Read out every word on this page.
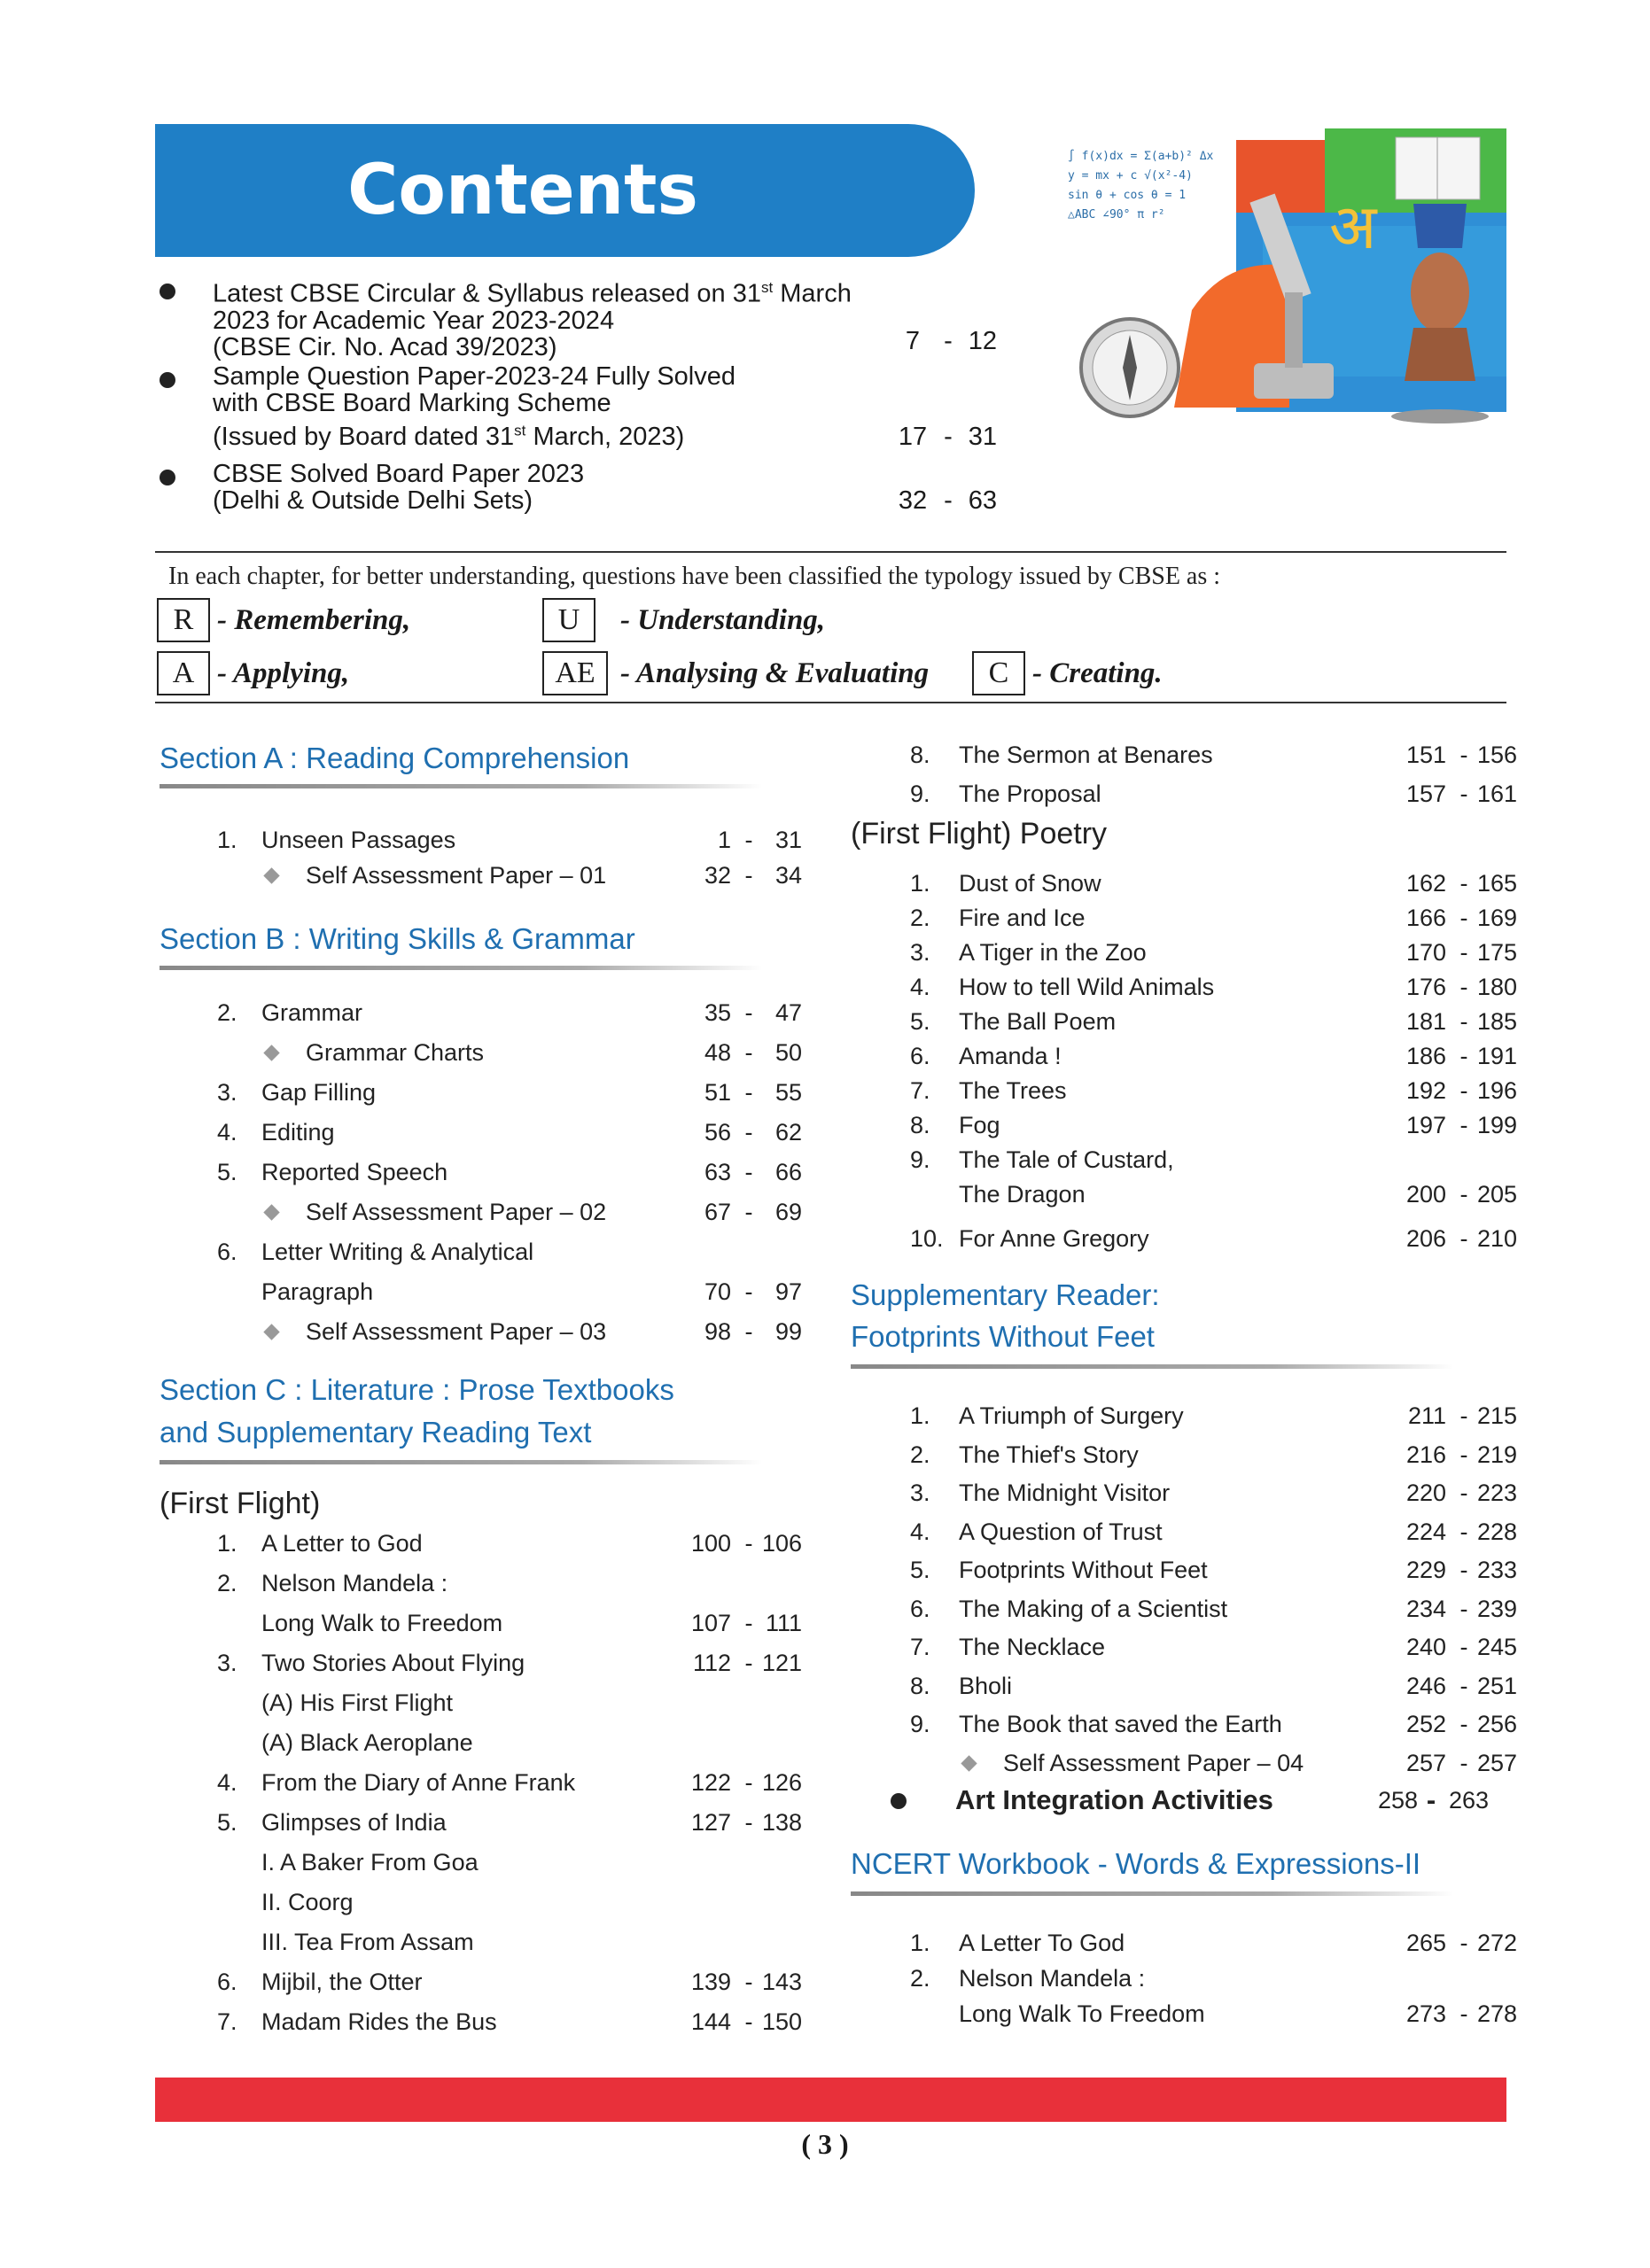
Contents	∫ f(x)dx = Σ(a+b)² Δx
y = mx + c √(x²-4)
sin θ + cos θ = 1
△ABC ∠90° π r²	अ
Latest CBSE Circular & Syllabus released on 31st March
2023 for Academic Year 2023-2024
(CBSE Cir. No. Acad 39/2023)	7 - 12
Sample Question Paper-2023-24 Fully Solved
with CBSE Board Marking Scheme
(Issued by Board dated 31st March, 2023)	17 - 31
CBSE Solved Board Paper 2023
(Delhi & Outside Delhi Sets)	32 - 63
In each chapter, for better understanding, questions have been classified the typology issued by CBSE as :
R - Remembering,	U	- Understanding,
A - Applying,	AE - Analysing & Evaluating	C - Creating.
Section A : Reading Comprehension
1.	Unseen Passages	1 - 31
Self Assessment Paper – 01	32 - 34
Section B : Writing Skills & Grammar
2.	Grammar	35 - 47
Grammar Charts	48 - 50
3.	Gap Filling	51 - 55
4.	Editing	56 - 62
5.	Reported Speech	63 - 66
Self Assessment Paper – 02	67 - 69
6.	Letter Writing & Analytical
Paragraph	70 - 97
Self Assessment Paper – 03	98 - 99
Section C : Literature : Prose Textbooks
and Supplementary Reading Text
(First Flight)
1.	A Letter to God	100 - 106
2.	Nelson Mandela :
Long Walk to Freedom	107 - 111
3.	Two Stories About Flying	112 - 121
(A) His First Flight
(A) Black Aeroplane
4.	From the Diary of Anne Frank	122 - 126
5.	Glimpses of India	127 - 138
I. A Baker From Goa
II. Coorg
III. Tea From Assam
6.	Mijbil, the Otter	139 - 143
7.	Madam Rides the Bus	144 - 150
8.	The Sermon at Benares	151 - 156
9.	The Proposal	157 - 161
(First Flight) Poetry
1.	Dust of Snow	162 - 165
2.	Fire and Ice	166 - 169
3.	A Tiger in the Zoo	170 - 175
4.	How to tell Wild Animals	176 - 180
5.	The Ball Poem	181 - 185
6.	Amanda !	186 - 191
7.	The Trees	192 - 196
8.	Fog	197 - 199
9.	The Tale of Custard,
The Dragon	200 - 205
10. For Anne Gregory	206 - 210
Supplementary Reader:
Footprints Without Feet
1.	A Triumph of Surgery	211 - 215
2.	The Thief's Story	216 - 219
3.	The Midnight Visitor	220 - 223
4.	A Question of Trust	224 - 228
5.	Footprints Without Feet	229 - 233
6.	The Making of a Scientist	234 - 239
7.	The Necklace	240 - 245
8.	Bholi	246 - 251
9.	The Book that saved the Earth	252 - 256
Self Assessment Paper – 04	257 - 257
Art Integration Activities	258 - 263
NCERT Workbook - Words & Expressions-II
1.	A Letter To God	265 - 272
2.	Nelson Mandela :
Long Walk To Freedom	273 - 278
( 3 )
